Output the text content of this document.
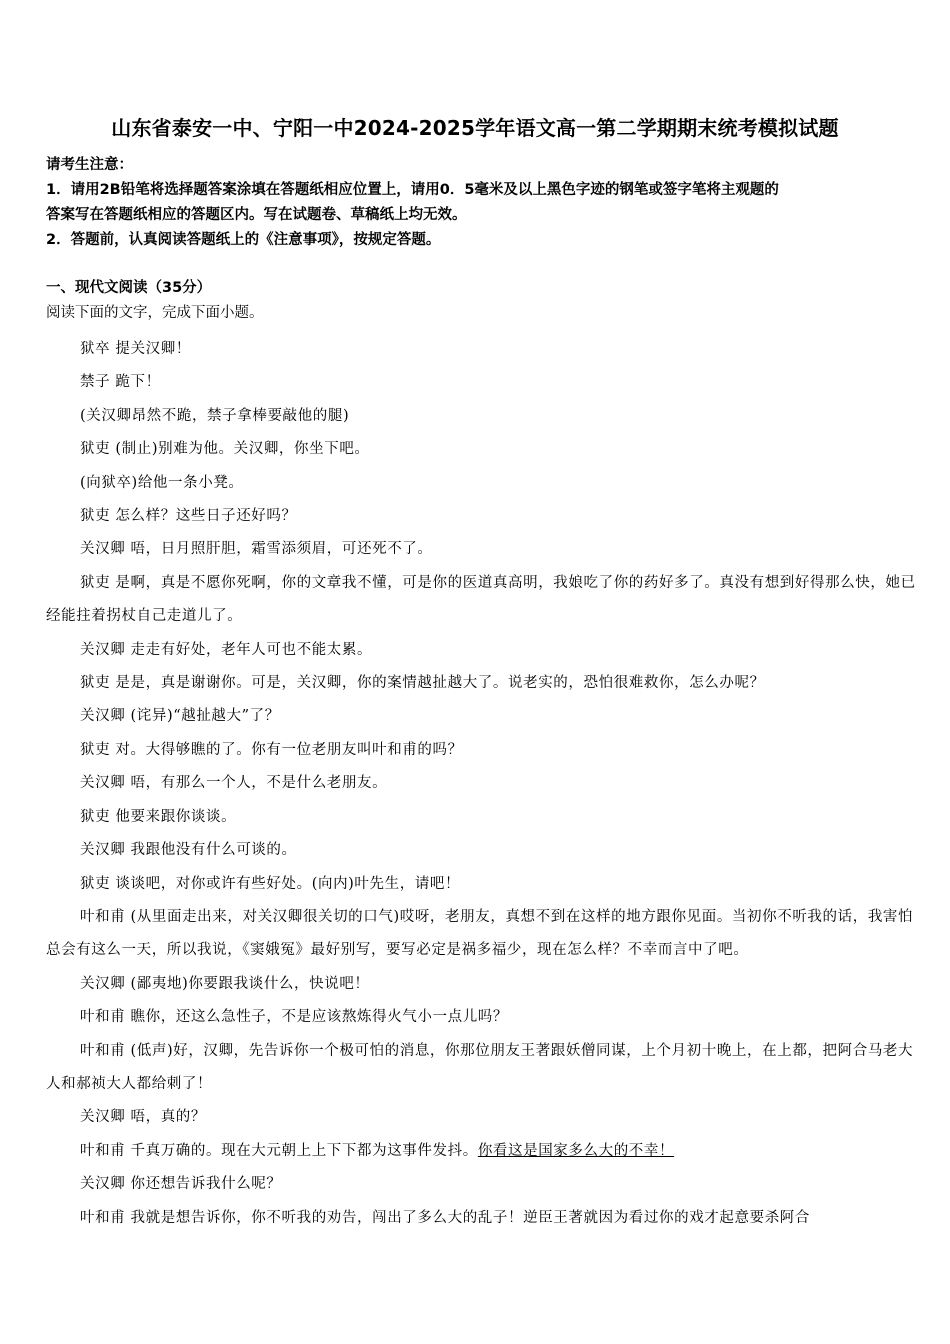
山东省泰安一中、宁阳一中2024-2025学年语文高一第二学期期末统考模拟试题
请考生注意：
1．请用2B铅笔将选择题答案涂填在答题纸相应位置上，请用0．5毫米及以上黑色字迹的钢笔或签字笔将主观题的
答案写在答题纸相应的答题区内。写在试题卷、草稿纸上均无效。
2．答题前，认真阅读答题纸上的《注意事项》，按规定答题。
一、现代文阅读（35分）
阅读下面的文字，完成下面小题。

狱卒 提关汉卿！

禁子 跪下！

(关汉卿昂然不跪，禁子拿棒要敲他的腿)

狱吏 (制止)别难为他。关汉卿，你坐下吧。

(向狱卒)给他一条小凳。

狱吏 怎么样？这些日子还好吗？

关汉卿 唔，日月照肝胆，霜雪添须眉，可还死不了。

狱吏 是啊，真是不愿你死啊，你的文章我不懂，可是你的医道真高明，我娘吃了你的药好多了。真没有想到好得那么快，她已经能拄着拐杖自己走道儿了。

关汉卿 走走有好处，老年人可也不能太累。

狱吏 是是，真是谢谢你。可是，关汉卿，你的案情越扯越大了。说老实的，恐怕很难救你，怎么办呢？

关汉卿 (诧异)“越扯越大”了？

狱吏 对。大得够瞧的了。你有一位老朋友叫叶和甫的吗？

关汉卿 唔，有那么一个人，不是什么老朋友。

狱吏 他要来跟你谈谈。

关汉卿 我跟他没有什么可谈的。

狱吏 谈谈吧，对你或许有些好处。(向内)叶先生，请吧！

叶和甫 (从里面走出来，对关汉卿很关切的口气)哎呀，老朋友，真想不到在这样的地方跟你见面。当初你不听我的话，我害怕总会有这么一天，所以我说，《窦娥冤》最好别写，要写必定是祸多福少，现在怎么样？不幸而言中了吧。

关汉卿 (鄙夷地)你要跟我谈什么，快说吧！

叶和甫 瞧你，还这么急性子，不是应该熬炼得火气小一点儿吗？

叶和甫 (低声)好，汉卿，先告诉你一个极可怕的消息，你那位朋友王著跟妖僧同谋，上个月初十晚上，在上都，把阿合马老大人和郝祯大人都给刺了！

关汉卿 唔，真的？

叶和甫 千真万确的。现在大元朝上上下下都为这事件发抖。你看这是国家多么大的不幸！

关汉卿 你还想告诉我什么呢？

叶和甫 我就是想告诉你，你不听我的劝告，闯出了多么大的乱子！逆臣王著就因为看过你的戏才起意要杀阿合
